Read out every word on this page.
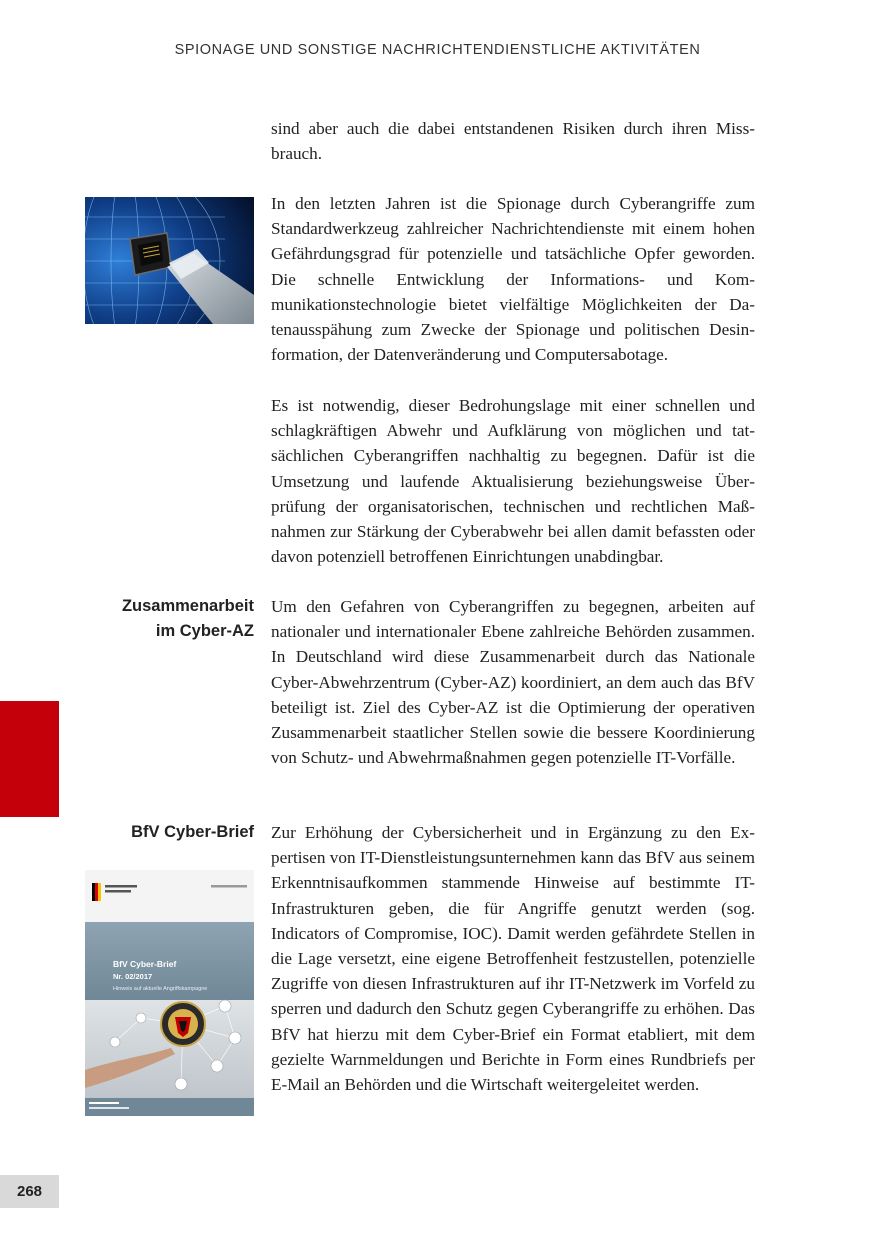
SPIONAGE UND SONSTIGE NACHRICHTENDIENSTLICHE AKTIVITÄTEN

sind aber auch die dabei entstandenen Risiken durch ihren Missbrauch.

In den letzten Jahren ist die Spionage durch Cyberangriffe zum Standardwerkzeug zahlreicher Nachrichtendienste mit einem hohen Gefährdungsgrad für potenzielle und tatsächliche Opfer geworden. Die schnelle Entwicklung der Informations- und Kommunikationstechnologie bietet vielfältige Möglichkeiten der Datenausspähung zum Zwecke der Spionage und politischen Desinformation, der Datenveränderung und Computersabotage.

Es ist notwendig, dieser Bedrohungslage mit einer schnellen und schlagkräftigen Abwehr und Aufklärung von möglichen und tatsächlichen Cyberangriffen nachhaltig zu begegnen. Dafür ist die Umsetzung und laufende Aktualisierung beziehungsweise Überprüfung der organisatorischen, technischen und rechtlichen Maßnahmen zur Stärkung der Cyberabwehr bei allen damit befassten oder davon potenziell betroffenen Einrichtungen unabdingbar.

Zusammenarbeit
im Cyber-AZ

Um den Gefahren von Cyberangriffen zu begegnen, arbeiten auf nationaler und internationaler Ebene zahlreiche Behörden zusammen. In Deutschland wird diese Zusammenarbeit durch das Nationale Cyber-Abwehrzentrum (Cyber-AZ) koordiniert, an dem auch das BfV beteiligt ist. Ziel des Cyber-AZ ist die Optimierung der operativen Zusammenarbeit staatlicher Stellen sowie die bessere Koordinierung von Schutz- und Abwehrmaßnahmen gegen potenzielle IT-Vorfälle.

BfV Cyber-Brief
BfV Cyber-Brief
Nr. 02/2017
Hinweis auf aktuelle Angriffskampagne

Zur Erhöhung der Cybersicherheit und in Ergänzung zu den Expertisen von IT-Dienstleistungsunternehmen kann das BfV aus seinem Erkenntnisaufkommen stammende Hinweise auf bestimmte IT-Infrastrukturen geben, die für Angriffe genutzt werden (sog. Indicators of Compromise, IOC). Damit werden gefährdete Stellen in die Lage versetzt, eine eigene Betroffenheit festzustellen, potenzielle Zugriffe von diesen Infrastrukturen auf ihr IT-Netzwerk im Vorfeld zu sperren und dadurch den Schutz gegen Cyberangriffe zu erhöhen. Das BfV hat hierzu mit dem Cyber-Brief ein Format etabliert, mit dem gezielte Warnmeldungen und Berichte in Form eines Rundbriefs per E-Mail an Behörden und die Wirtschaft weitergeleitet werden.

268
